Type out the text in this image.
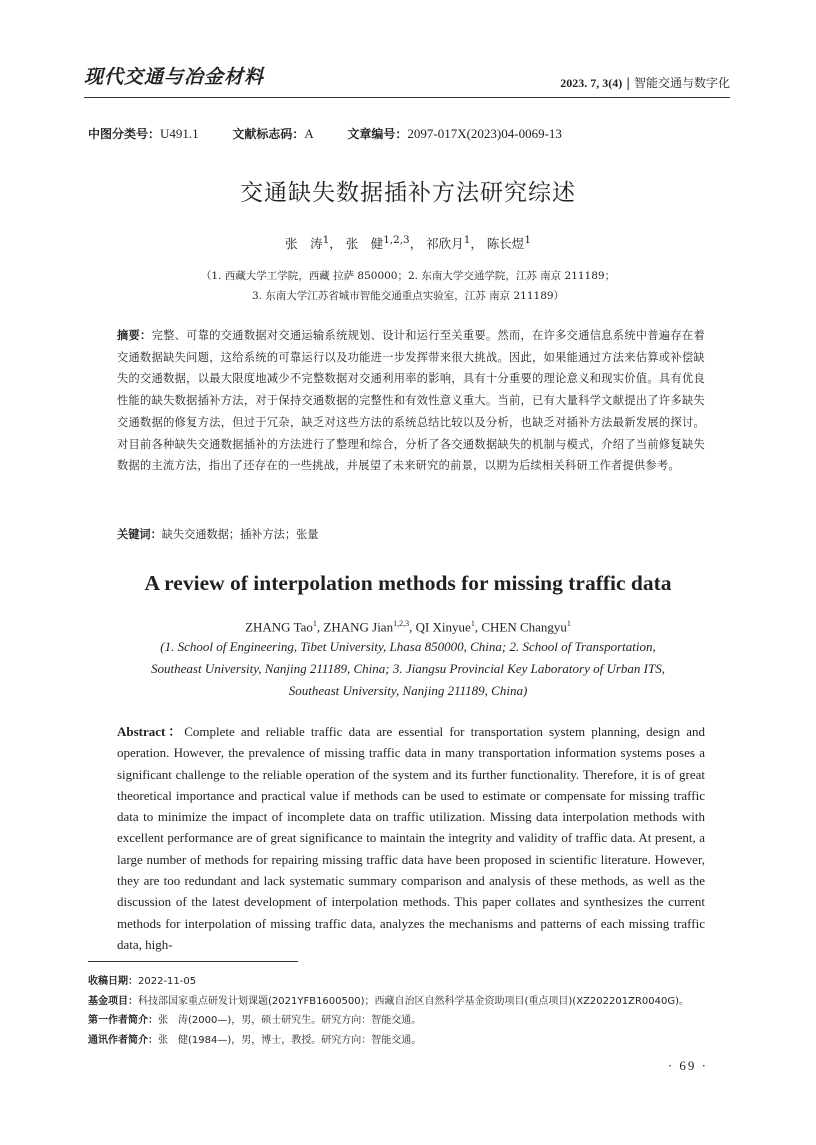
现代交通与冶金材料	2023. 7, 3(4) | 智能交通与数字化
中图分类号：U491.1	文献标志码：A	文章编号：2097-017X(2023)04-0069-13
交通缺失数据插补方法研究综述
张　涛$^1$， 张　健$^{1,2,3}$， 祁欣月$^1$， 陈长煜$^1$
（1. 西藏大学工学院，西藏 拉萨 850000；2. 东南大学交通学院，江苏 南京 211189；
3. 东南大学江苏省城市智能交通重点实验室，江苏 南京 211189）
摘要：完整、可靠的交通数据对交通运输系统规划、设计和运行至关重要。然而，在许多交通信息系统中普遍存在着交通数据缺失问题，这给系统的可靠运行以及功能进一步发挥带来很大挑战。因此，如果能通过方法来估算或补偿缺失的交通数据，以最大限度地减少不完整数据对交通利用率的影响，具有十分重要的理论意义和现实价值。具有优良性能的缺失数据插补方法，对于保持交通数据的完整性和有效性意义重大。当前，已有大量科学文献提出了许多缺失交通数据的修复方法，但过于冗杂，缺乏对这些方法的系统总结比较以及分析，也缺乏对插补方法最新发展的探讨。对目前各种缺失交通数据插补的方法进行了整理和综合，分析了各交通数据缺失的机制与模式，介绍了当前修复缺失数据的主流方法，指出了还存在的一些挑战，并展望了未来研究的前景，以期为后续相关科研工作者提供参考。
关键词：缺失交通数据；插补方法；张量
A review of interpolation methods for missing traffic data
ZHANG Tao$^1$, ZHANG Jian$^{1,2,3}$, QI Xinyue$^1$, CHEN Changyu$^1$
(1. School of Engineering, Tibet University, Lhasa 850000, China; 2. School of Transportation,
Southeast University, Nanjing 211189, China; 3. Jiangsu Provincial Key Laboratory of Urban ITS,
Southeast University, Nanjing 211189, China)
Abstract：Complete and reliable traffic data are essential for transportation system planning, design and operation. However, the prevalence of missing traffic data in many transportation information systems poses a significant challenge to the reliable operation of the system and its further functionality. Therefore, it is of great theoretical importance and practical value if methods can be used to estimate or compensate for missing traffic data to minimize the impact of incomplete data on traffic utilization. Missing data interpolation methods with excellent performance are of great significance to maintain the integrity and validity of traffic data. At present, a large number of methods for repairing missing traffic data have been proposed in scientific literature. However, they are too redundant and lack systematic summary comparison and analysis of these methods, as well as the discussion of the latest development of interpolation methods. This paper collates and synthesizes the current methods for interpolation of missing traffic data, analyzes the mechanisms and patterns of each missing traffic data, high-
收稿日期：2022-11-05
基金项目：科技部国家重点研发计划课题(2021YFB1600500)；西藏自治区自然科学基金资助项目(重点项目)(XZ202201ZR0040G)。
第一作者简介：张　涛(2000—)，男，硕士研究生。研究方向：智能交通。
通讯作者简介：张　健(1984—)，男，博士，教授。研究方向：智能交通。
· 69 ·
